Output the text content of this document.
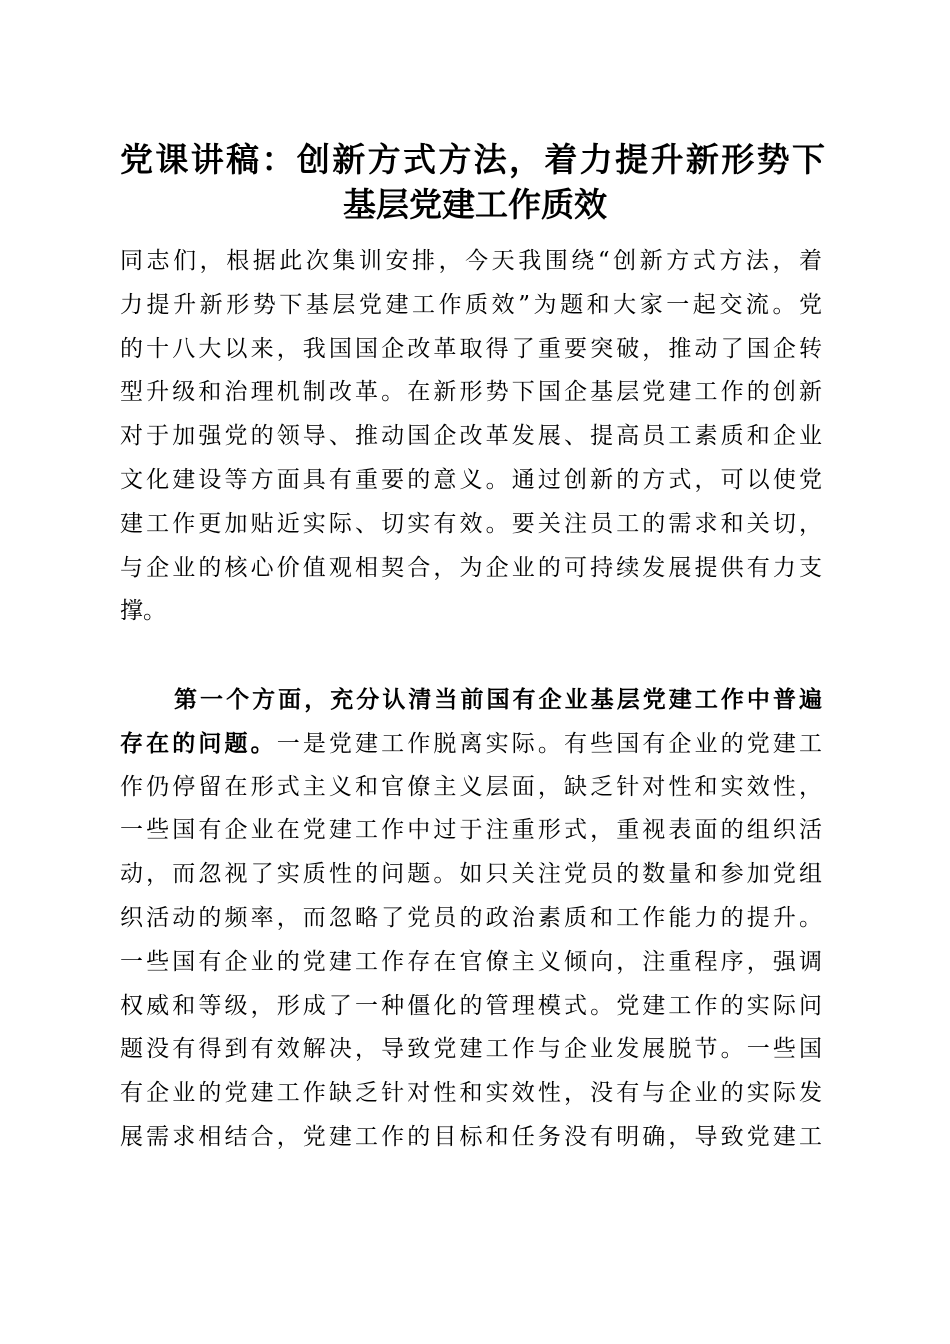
党课讲稿：创新方式方法，着力提升新形势下
基层党建工作质效
同志们，根据此次集训安排，今天我围绕“创新方式方法，着
力提升新形势下基层党建工作质效”为题和大家一起交流。党
的十八大以来，我国国企改革取得了重要突破，推动了国企转
型升级和治理机制改革。在新形势下国企基层党建工作的创新
对于加强党的领导、推动国企改革发展、提高员工素质和企业
文化建设等方面具有重要的意义。通过创新的方式，可以使党
建工作更加贴近实际、切实有效。要关注员工的需求和关切，
与企业的核心价值观相契合，为企业的可持续发展提供有力支
撑。
第一个方面，充分认清当前国有企业基层党建工作中普遍
存在的问题。一是党建工作脱离实际。有些国有企业的党建工
作仍停留在形式主义和官僚主义层面，缺乏针对性和实效性，
一些国有企业在党建工作中过于注重形式，重视表面的组织活
动，而忽视了实质性的问题。如只关注党员的数量和参加党组
织活动的频率，而忽略了党员的政治素质和工作能力的提升。
一些国有企业的党建工作存在官僚主义倾向，注重程序，强调
权威和等级，形成了一种僵化的管理模式。党建工作的实际问
题没有得到有效解决，导致党建工作与企业发展脱节。一些国
有企业的党建工作缺乏针对性和实效性，没有与企业的实际发
展需求相结合，党建工作的目标和任务没有明确，导致党建工
